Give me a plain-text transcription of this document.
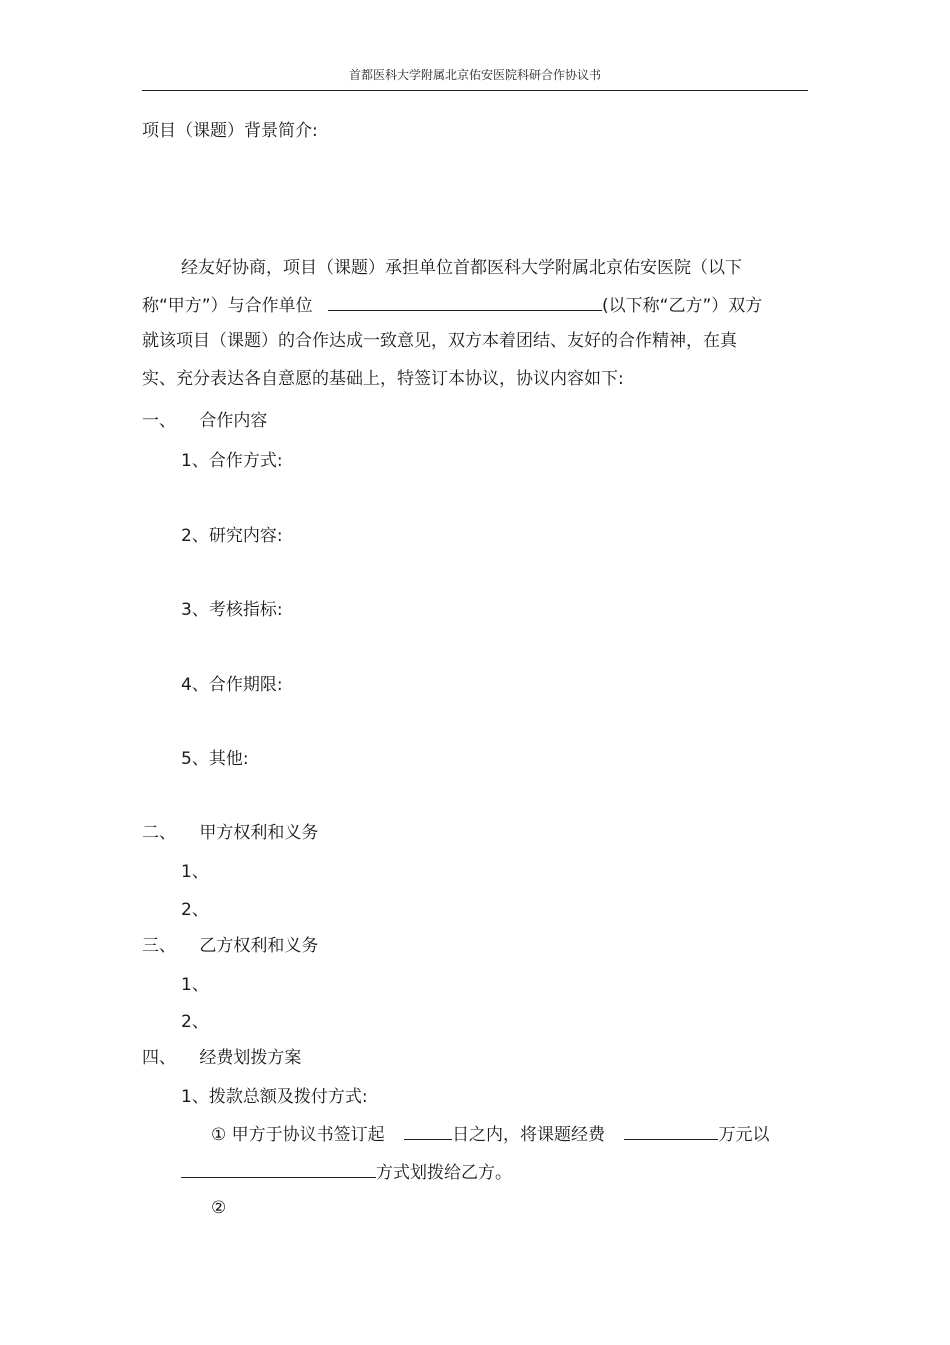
首都医科大学附属北京佑安医院科研合作协议书
项目（课题）背景简介:
经友好协商，项目（课题）承担单位首都医科大学附属北京佑安医院（以下
称“甲方”）与合作单位	(以下称“乙方”）双方
就该项目（课题）的合作达成一致意见，双方本着团结、友好的合作精神，在真
实、充分表达各自意愿的基础上，特签订本协议，协议内容如下:
一、 合作内容
1、合作方式:
2、研究内容:
3、考核指标:
4、合作期限:
5、其他:
二、 甲方权利和义务
1、
2、
三、 乙方权利和义务
1、
2、
四、 经费划拨方案
1、拨款总额及拨付方式:
① 甲方于协议书签订起	日之内，将课题经费	万元以
方式划拨给乙方。
②
